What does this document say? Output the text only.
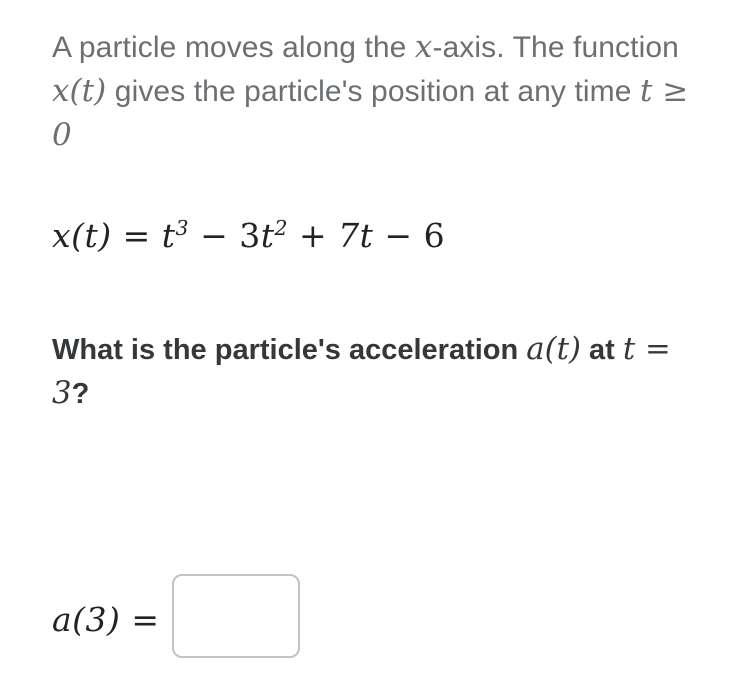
A particle moves along the x-axis. The function x(t) gives the particle's position at any time t ≥ 0
$x(t) = t^3 - 3t^2 + 7t - 6$
What is the particle's acceleration a(t) at t = 3?
a(3) =
